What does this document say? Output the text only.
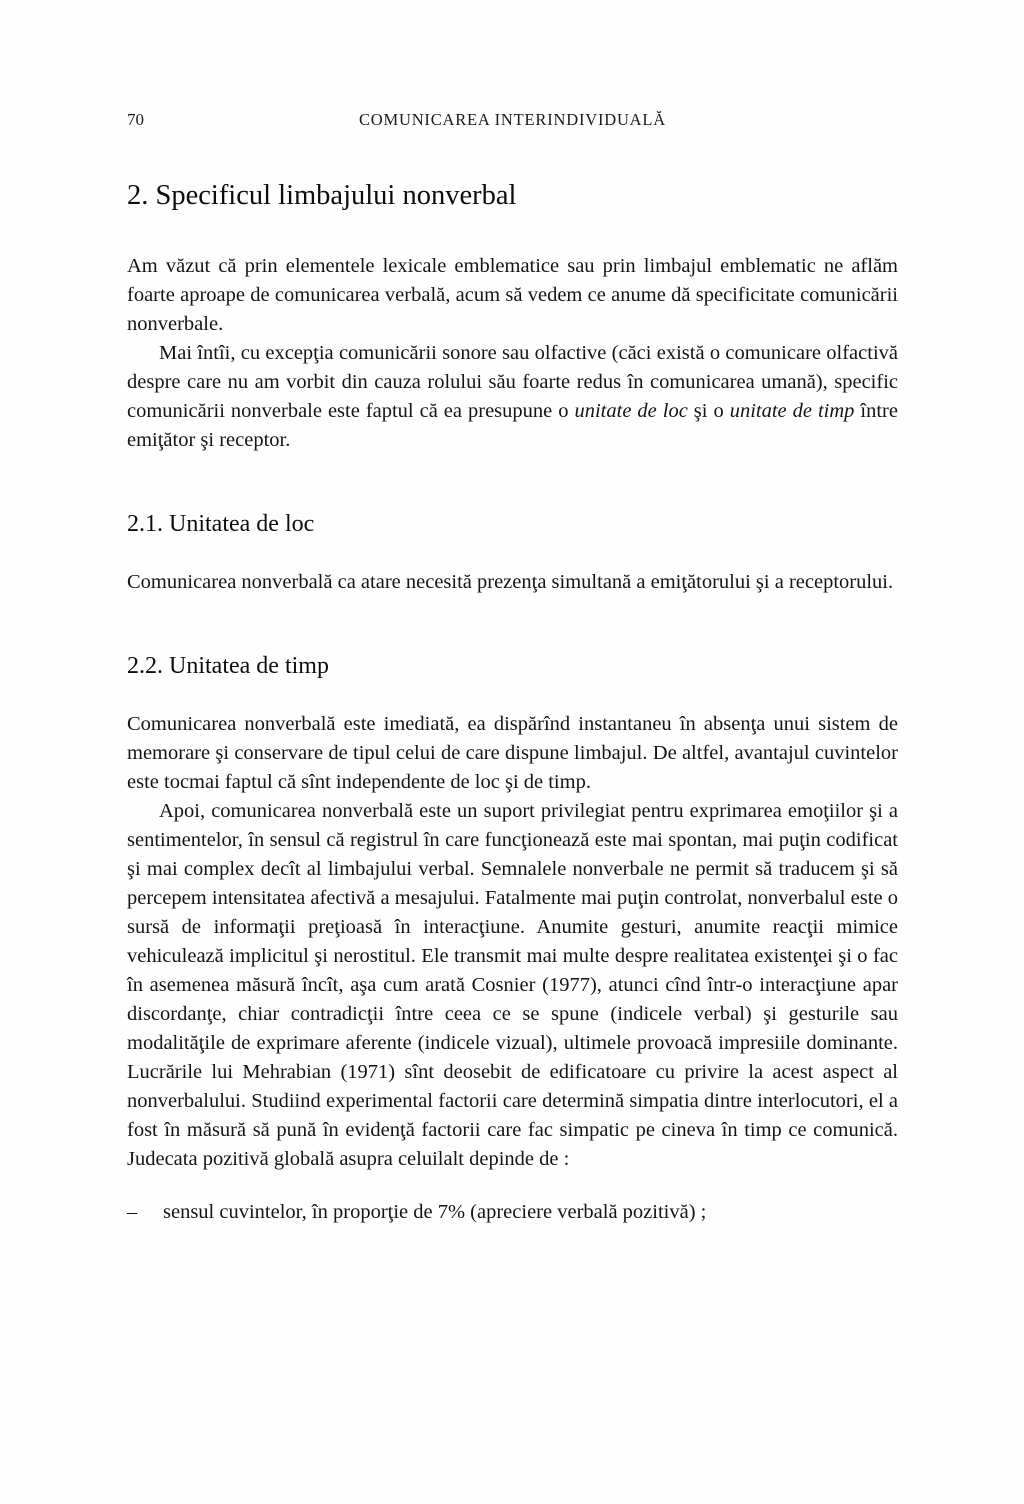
70	COMUNICAREA INTERINDIVIDUALĂ
2. Specificul limbajului nonverbal

Am văzut că prin elementele lexicale emblematice sau prin limbajul emblematic ne aflăm foarte aproape de comunicarea verbală, acum să vedem ce anume dă specificitate comunicării nonverbale.

Mai întîi, cu excepţia comunicării sonore sau olfactive (căci există o comunicare olfactivă despre care nu am vorbit din cauza rolului său foarte redus în comunicarea umană), specific comunicării nonverbale este faptul că ea presupune o unitate de loc şi o unitate de timp între emiţător şi receptor.

2.1. Unitatea de loc

Comunicarea nonverbală ca atare necesită prezenţa simultană a emiţătorului şi a receptorului.

2.2. Unitatea de timp

Comunicarea nonverbală este imediată, ea dispărînd instantaneu în absenţa unui sistem de memorare şi conservare de tipul celui de care dispune limbajul. De altfel, avantajul cuvintelor este tocmai faptul că sînt independente de loc şi de timp.

Apoi, comunicarea nonverbală este un suport privilegiat pentru exprimarea emoţiilor şi a sentimentelor, în sensul că registrul în care funcţionează este mai spontan, mai puţin codificat şi mai complex decît al limbajului verbal. Semnalele nonverbale ne permit să traducem şi să percepem intensitatea afectivă a mesajului. Fatalmente mai puţin controlat, nonverbalul este o sursă de informaţii preţioasă în interacţiune. Anumite gesturi, anumite reacţii mimice vehiculează implicitul şi nerostitul. Ele transmit mai multe despre realitatea existenţei şi o fac în asemenea măsură încît, aşa cum arată Cosnier (1977), atunci cînd într-o interacţiune apar discordanţe, chiar contradicţii între ceea ce se spune (indicele verbal) şi gesturile sau modalităţile de exprimare aferente (indicele vizual), ultimele provoacă impresiile dominante. Lucrările lui Mehrabian (1971) sînt deosebit de edificatoare cu privire la acest aspect al nonverbalului. Studiind experimental factorii care determină simpatia dintre interlocutori, el a fost în măsură să pună în evidenţă factorii care fac simpatic pe cineva în timp ce comunică. Judecata pozitivă globală asupra celuilalt depinde de :

–	sensul cuvintelor, în proporţie de 7% (apreciere verbală pozitivă) ;
